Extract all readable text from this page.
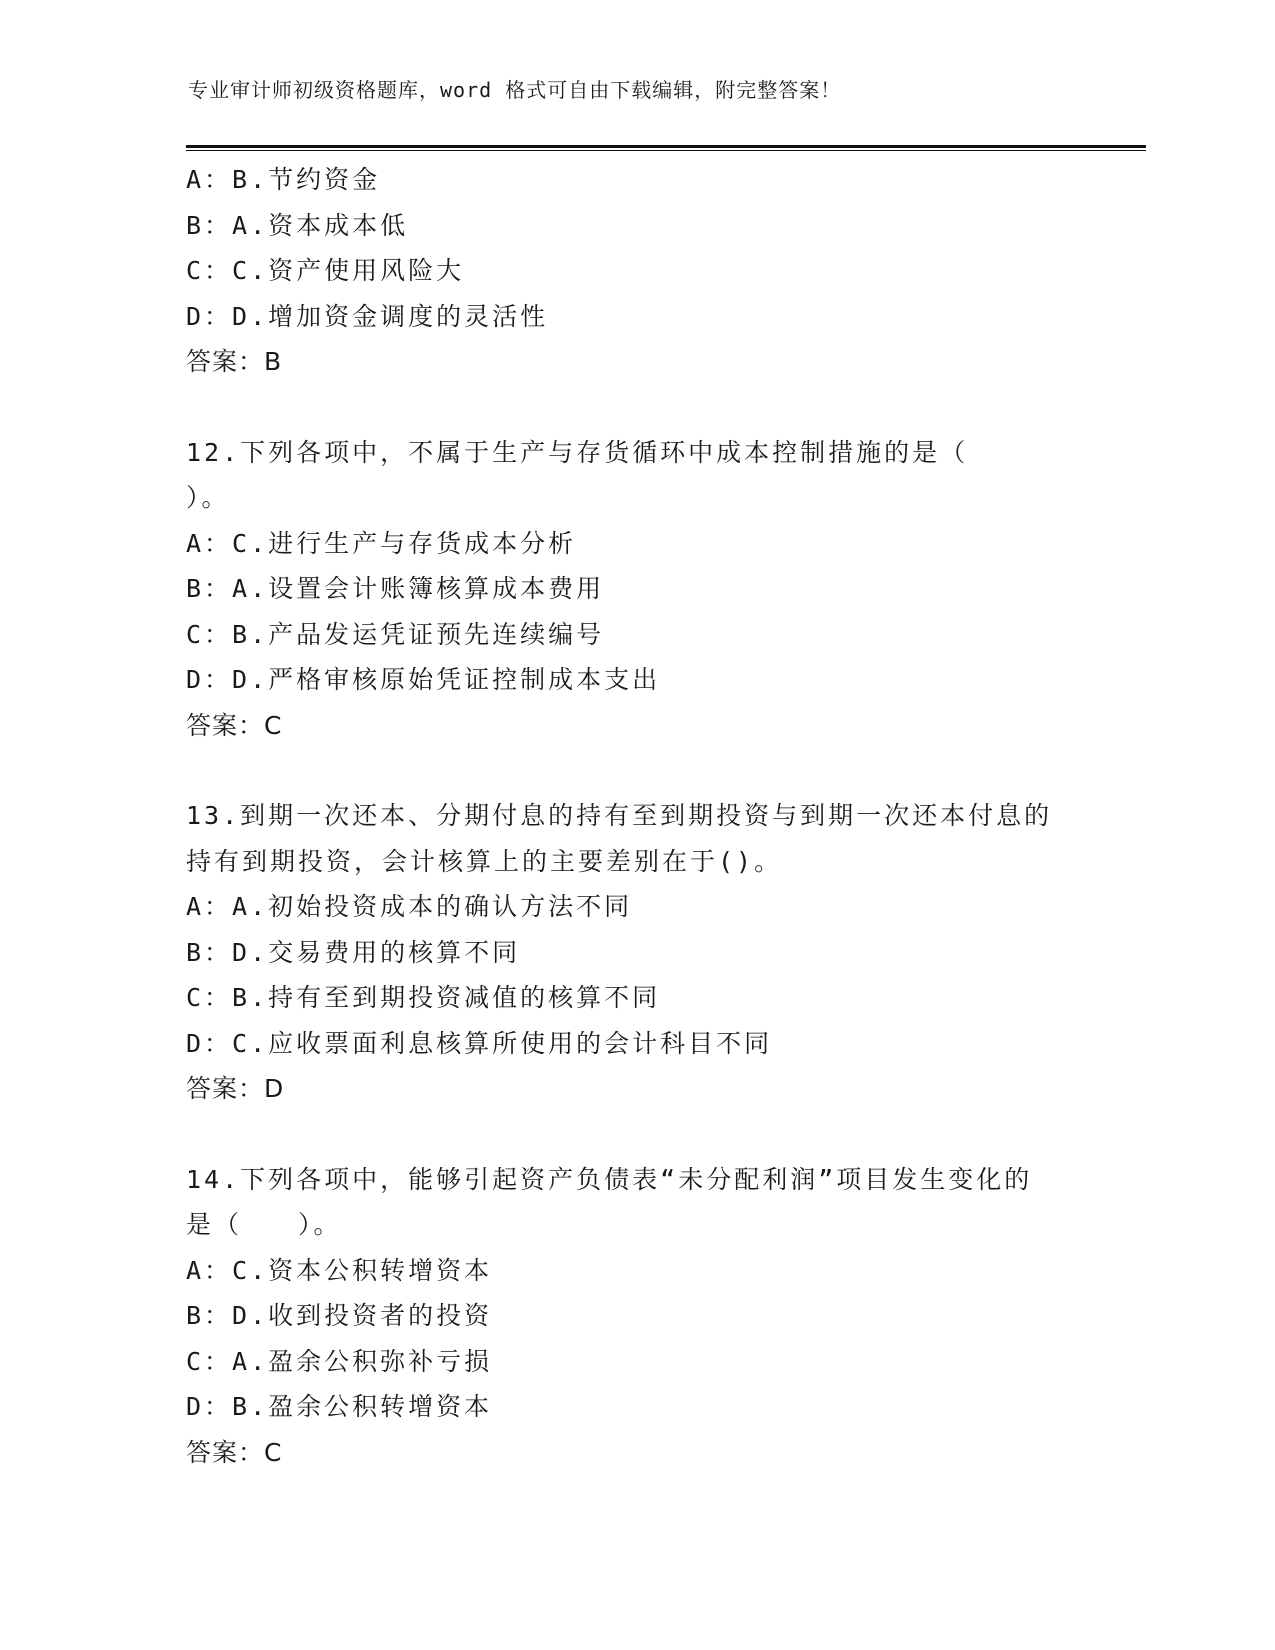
专业审计师初级资格题库，word 格式可自由下载编辑，附完整答案！
A：B.节约资金
B：A.资本成本低
C：C.资产使用风险大
D：D.增加资金调度的灵活性
答案：B
12.下列各项中，不属于生产与存货循环中成本控制措施的是（
）。
A：C.进行生产与存货成本分析
B：A.设置会计账簿核算成本费用
C：B.产品发运凭证预先连续编号
D：D.严格审核原始凭证控制成本支出
答案：C
13.到期一次还本、分期付息的持有至到期投资与到期一次还本付息的
持有到期投资，会计核算上的主要差别在于()。
A：A.初始投资成本的确认方法不同
B：D.交易费用的核算不同
C：B.持有至到期投资减值的核算不同
D：C.应收票面利息核算所使用的会计科目不同
答案：D
14.下列各项中，能够引起资产负债表“未分配利润”项目发生变化的
是（　　）。
A：C.资本公积转增资本
B：D.收到投资者的投资
C：A.盈余公积弥补亏损
D：B.盈余公积转增资本
答案：C
